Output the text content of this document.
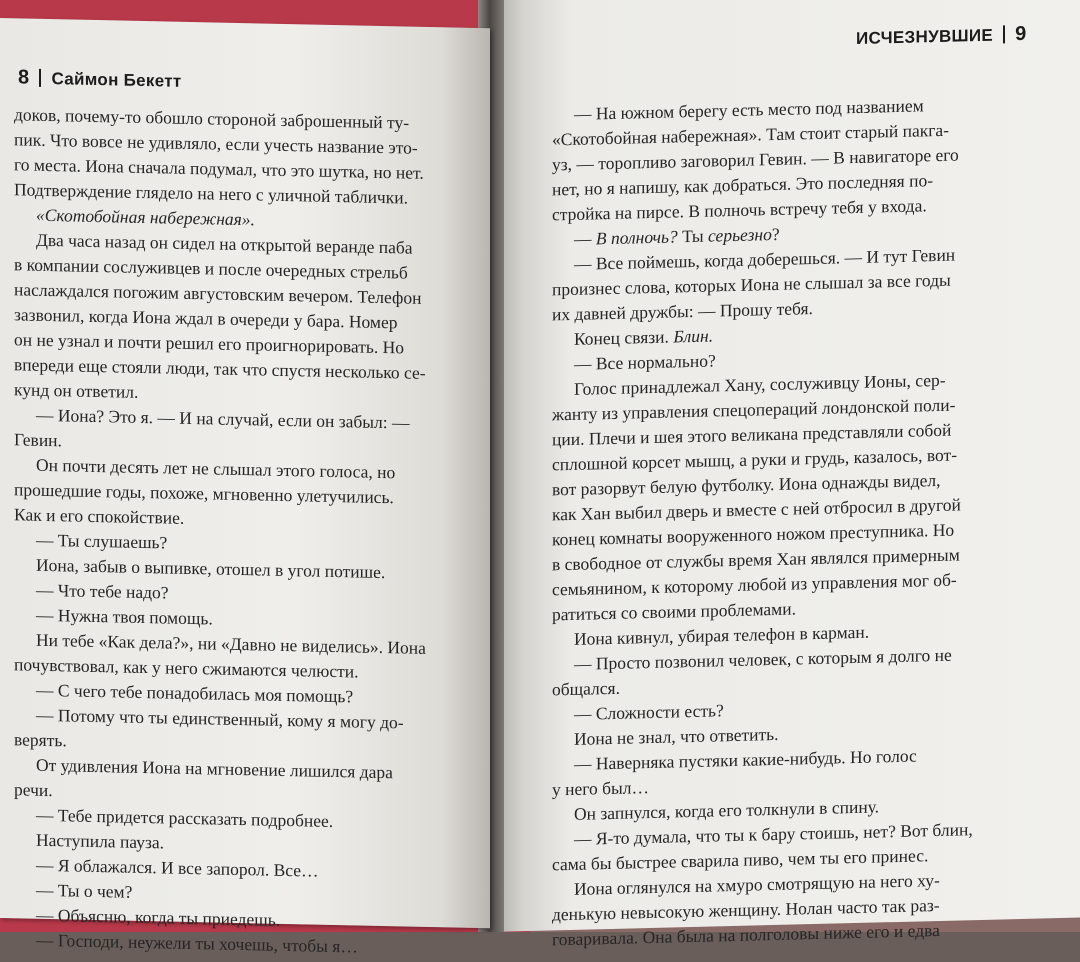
ИСЧЕЗНУВШИЕ 9

— На южном берегу есть место под названием

«Скотобойная набережная». Там стоит старый пакга-

уз, — торопливо заговорил Гевин. — В навигаторе его

нет, но я напишу, как добраться. Это последняя по-

стройка на пирсе. В полночь встречу тебя у входа.

— В полночь? Ты серьезно?

— Все поймешь, когда доберешься. — И тут Гевин

произнес слова, которых Иона не слышал за все годы

их давней дружбы: — Прошу тебя.

Конец связи. Блин.

— Все нормально?

Голос принадлежал Хану, сослуживцу Ионы, сер-

жанту из управления спецопераций лондонской поли-

ции. Плечи и шея этого великана представляли собой

сплошной корсет мышц, а руки и грудь, казалось, вот-

вот разорвут белую футболку. Иона однажды видел,

как Хан выбил дверь и вместе с ней отбросил в другой

конец комнаты вооруженного ножом преступника. Но

в свободное от службы время Хан являлся примерным

семьянином, к которому любой из управления мог об-

ратиться со своими проблемами.

Иона кивнул, убирая телефон в карман.

— Просто позвонил человек, с которым я долго не

общался.

— Сложности есть?

Иона не знал, что ответить.

— Наверняка пустяки какие-нибудь. Но голос

у него был…

Он запнулся, когда его толкнули в спину.

— Я-то думала, что ты к бару стоишь, нет? Вот блин,

сама бы быстрее сварила пиво, чем ты его принес.

Иона оглянулся на хмуро смотрящую на него ху-

денькую невысокую женщину. Нолан часто так раз-

говаривала. Она была на полголовы ниже его и едва

8 Саймон Бекетт

доков, почему-то обошло стороной заброшенный ту-

пик. Что вовсе не удивляло, если учесть название это-

го места. Иона сначала подумал, что это шутка, но нет.

Подтверждение глядело на него с уличной таблички.

«Скотобойная набережная».

Два часа назад он сидел на открытой веранде паба

в компании сослуживцев и после очередных стрельб

наслаждался погожим августовским вечером. Телефон

зазвонил, когда Иона ждал в очереди у бара. Номер

он не узнал и почти решил его проигнорировать. Но

впереди еще стояли люди, так что спустя несколько се-

кунд он ответил.

— Иона? Это я. — И на случай, если он забыл: —

Гевин.

Он почти десять лет не слышал этого голоса, но

прошедшие годы, похоже, мгновенно улетучились.

Как и его спокойствие.

— Ты слушаешь?

Иона, забыв о выпивке, отошел в угол потише.

— Что тебе надо?

— Нужна твоя помощь.

Ни тебе «Как дела?», ни «Давно не виделись». Иона

почувствовал, как у него сжимаются челюсти.

— С чего тебе понадобилась моя помощь?

— Потому что ты единственный, кому я могу до-

верять.

От удивления Иона на мгновение лишился дара

речи.

— Тебе придется рассказать подробнее.

Наступила пауза.

— Я облажался. И все запорол. Все…

— Ты о чем?

— Объясню, когда ты приедешь.

— Господи, неужели ты хочешь, чтобы я…
